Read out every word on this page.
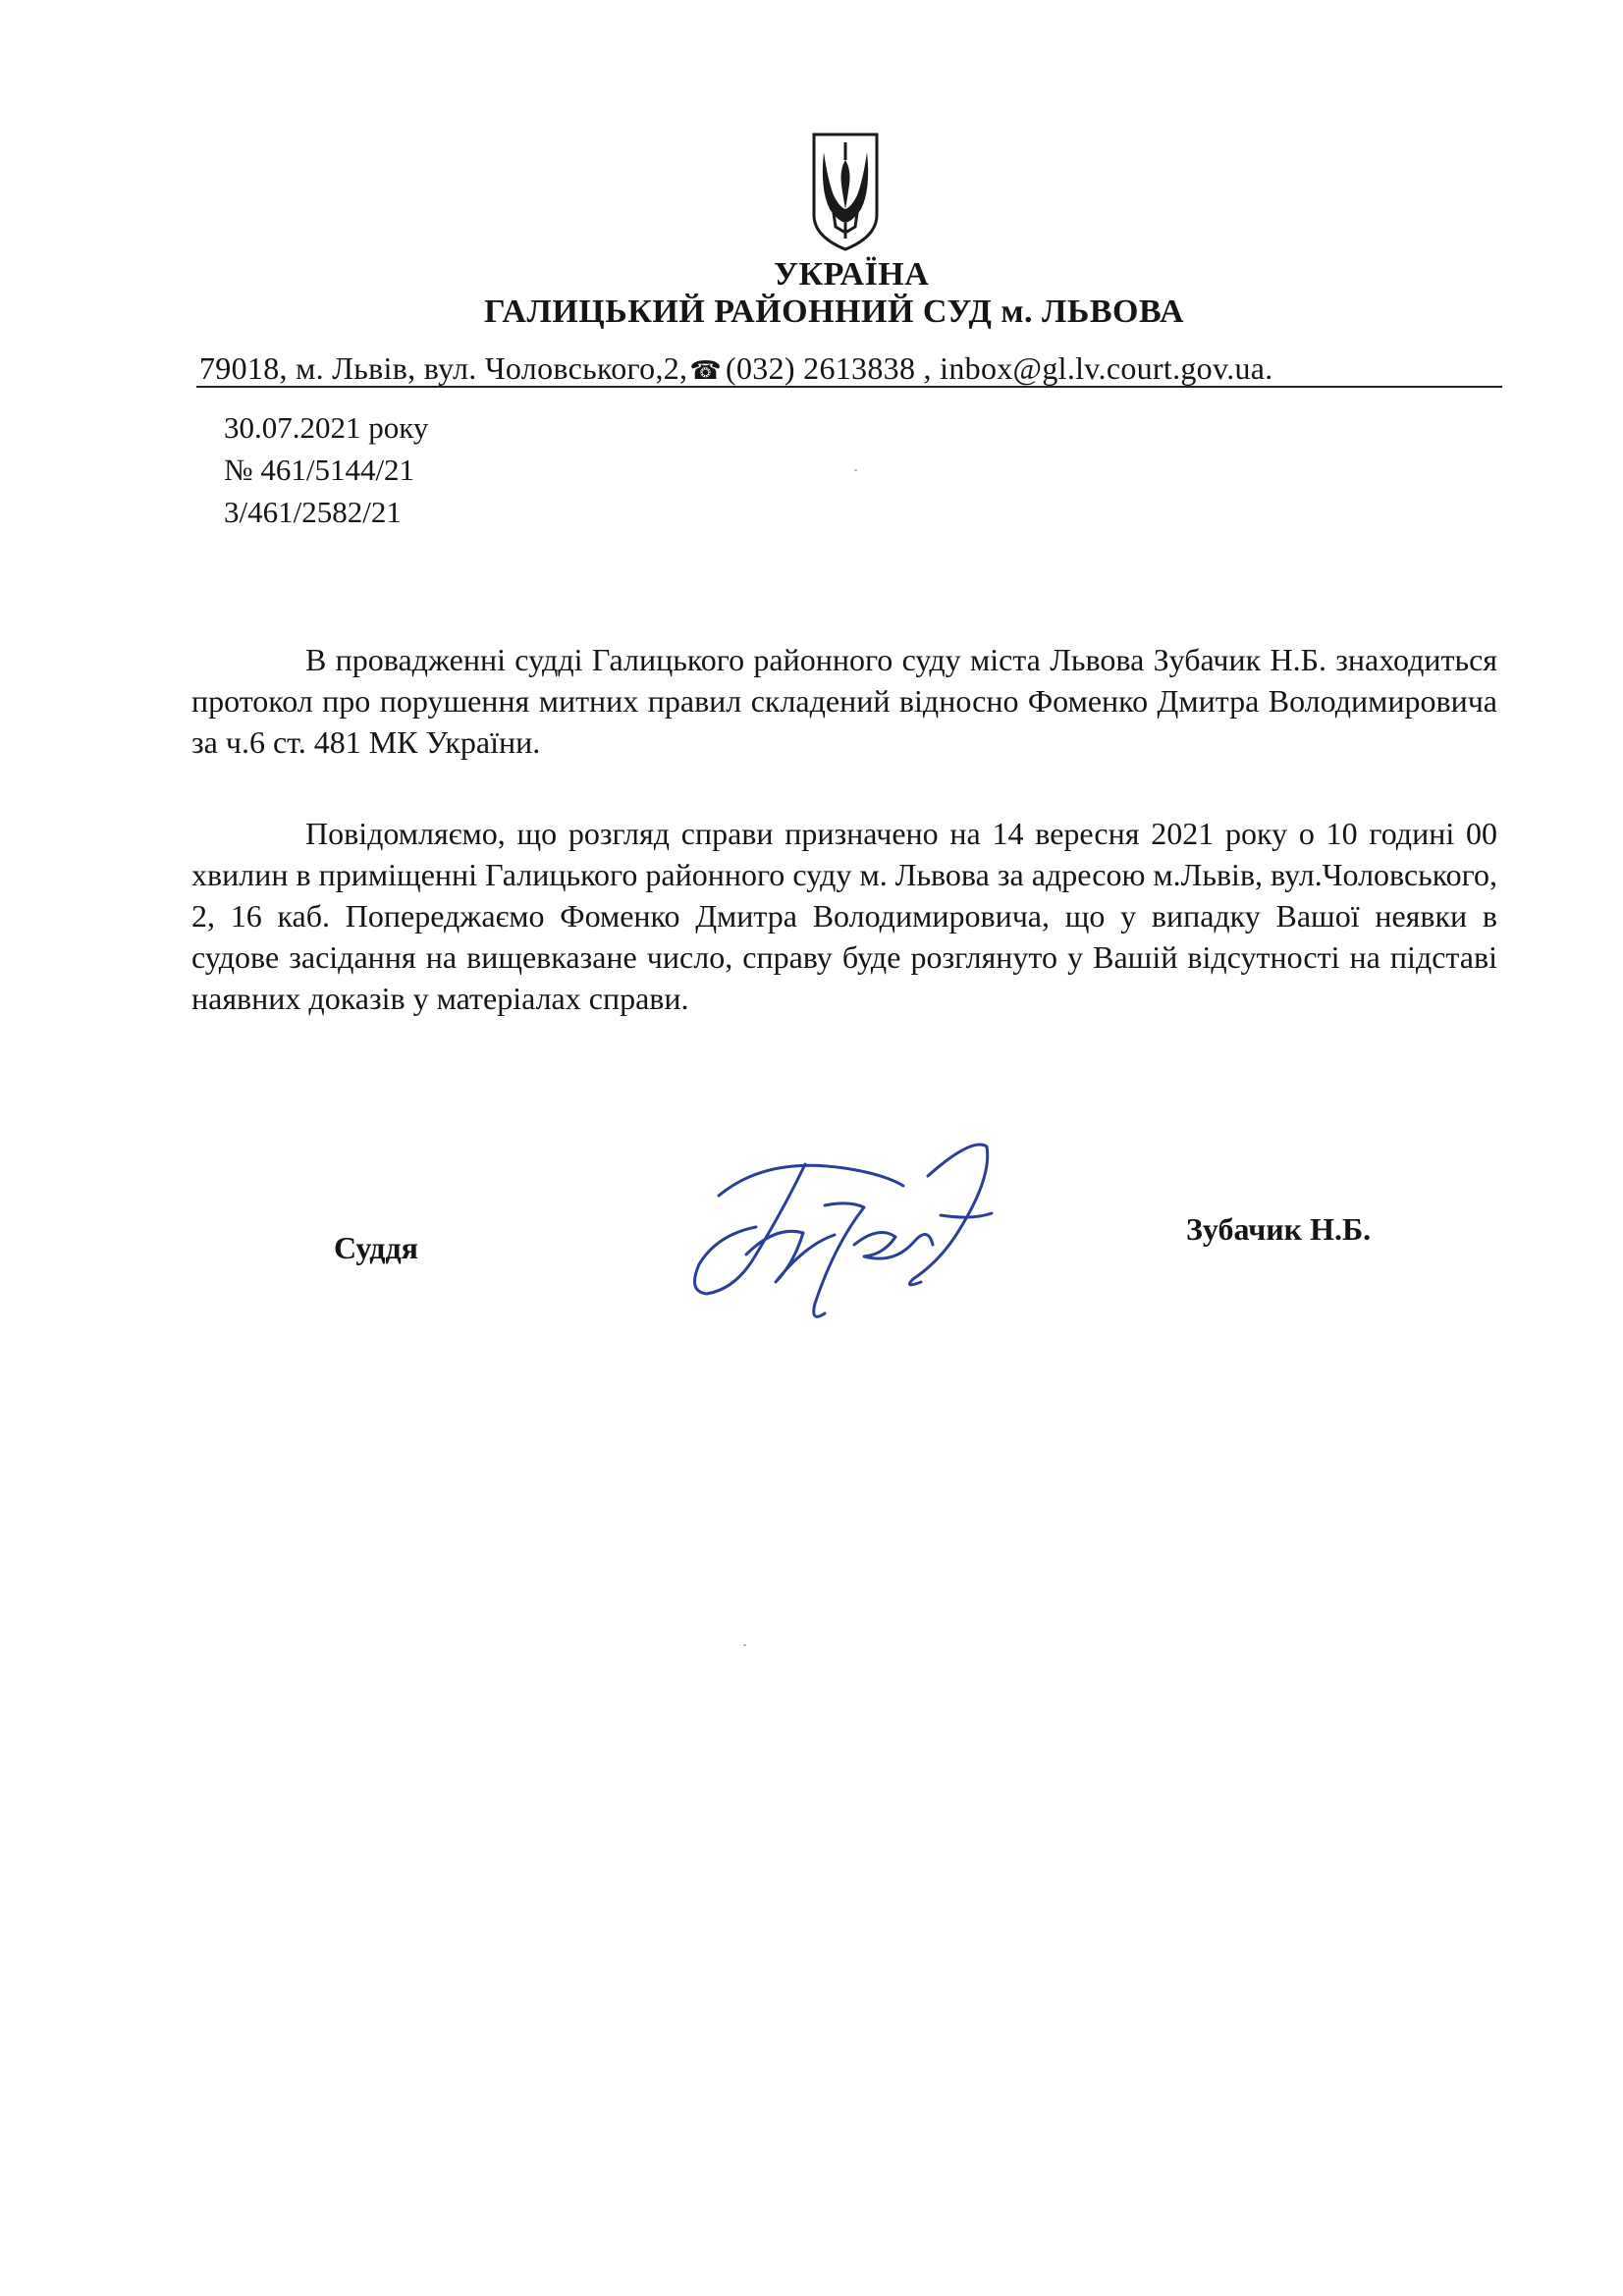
УКРАЇНА
ГАЛИЦЬКИЙ РАЙОННИЙ СУД м. ЛЬВОВА
79018, м. Львів, вул. Чоловського,2,☎ (032) 2613838 , inbox@gl.lv.court.gov.ua.
30.07.2021 року
№ 461/5144/21
3/461/2582/21

В провадженні судді Галицького районного суду міста Львова Зубачик Н.Б. знаходиться протокол про порушення митних правил складений відносно Фоменко Дмитра Володимировича за ч.6 ст. 481 МК України.

Повідомляємо, що розгляд справи призначено на 14 вересня 2021 року о 10 годині 00 хвилин в приміщенні Галицького районного суду м. Львова за адресою м.Львів, вул.Чоловського, 2, 16 каб. Попереджаємо Фоменко Дмитра Володимировича, що у випадку Вашої неявки в судове засідання на вищевказане число, справу буде розглянуто у Вашій відсутності на підставі наявних доказів у матеріалах справи.

Суддя
Зубачик Н.Б.
